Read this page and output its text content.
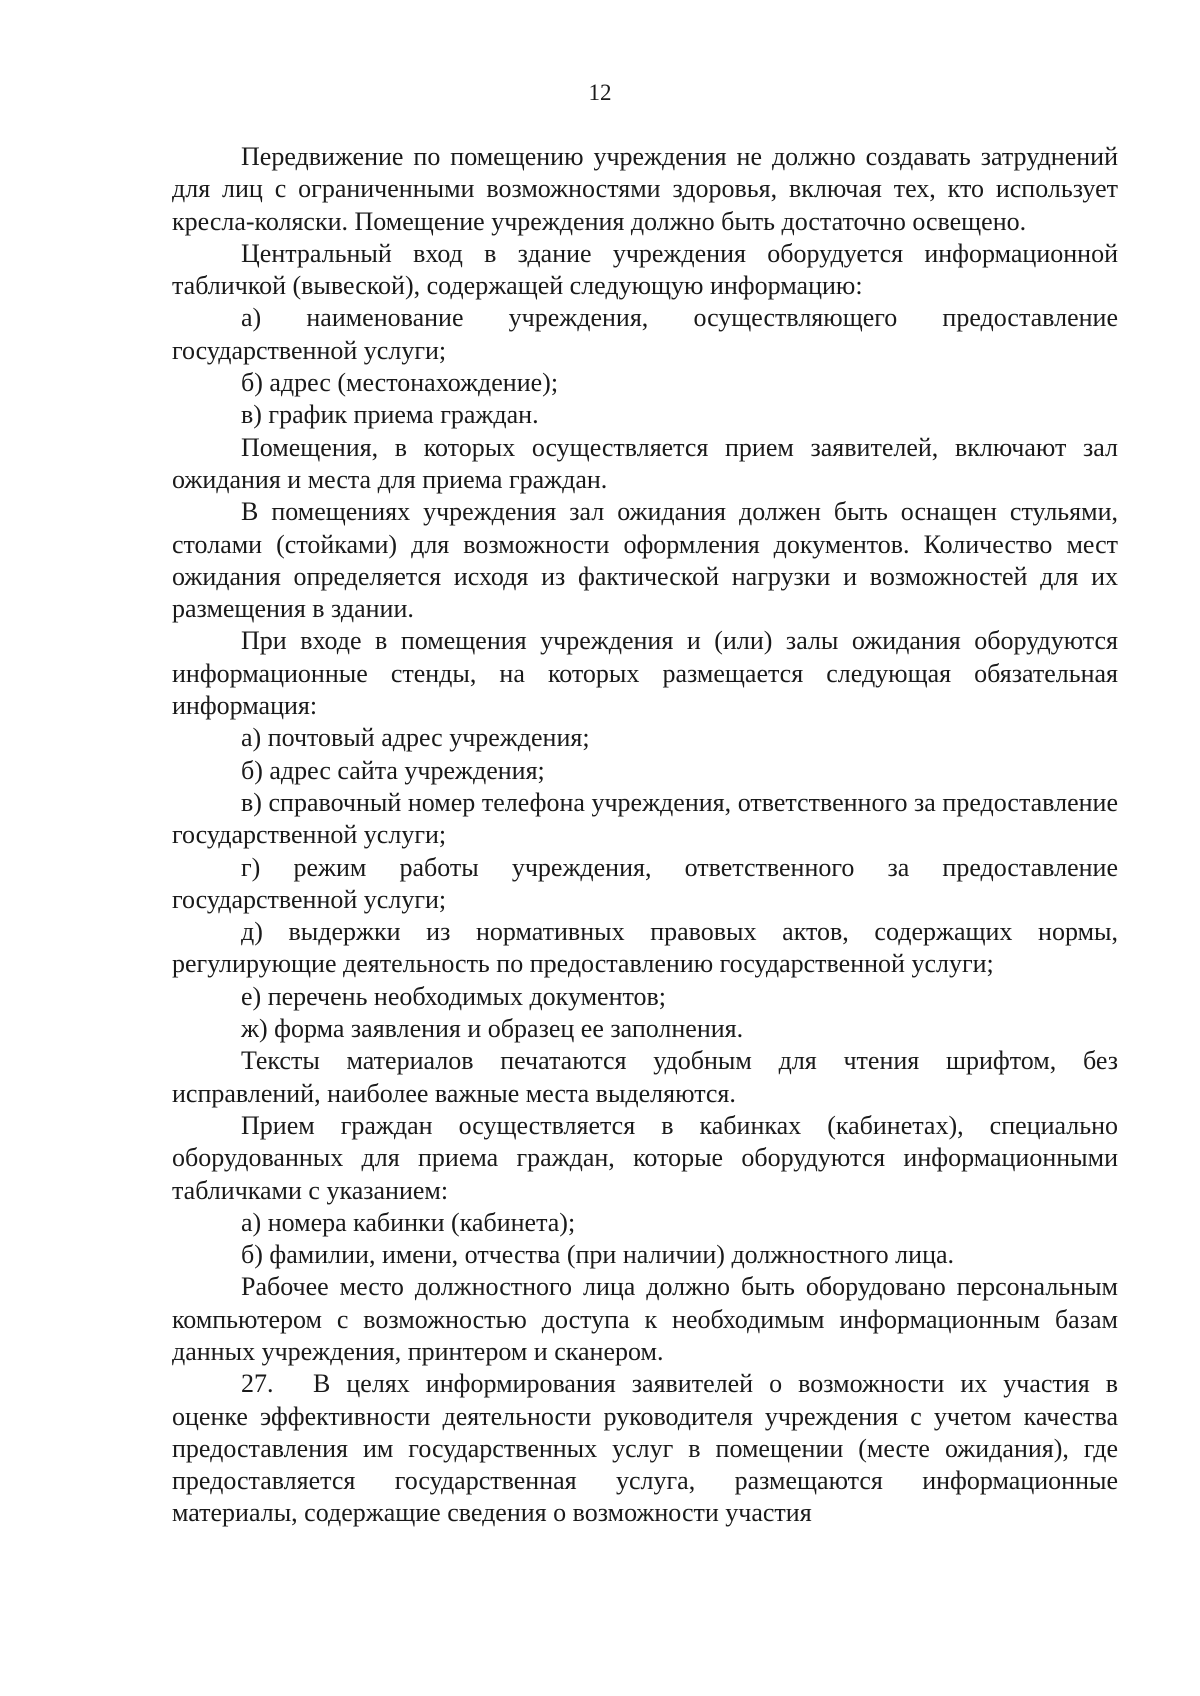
12

Передвижение по помещению учреждения не должно создавать затруднений для лиц с ограниченными возможностями здоровья, включая тех, кто использует кресла-коляски. Помещение учреждения должно быть достаточно освещено.

Центральный вход в здание учреждения оборудуется информационной табличкой (вывеской), содержащей следующую информацию:

а) наименование учреждения, осуществляющего предоставление государственной услуги;

б) адрес (местонахождение);

в) график приема граждан.

Помещения, в которых осуществляется прием заявителей, включают зал ожидания и места для приема граждан.

В помещениях учреждения зал ожидания должен быть оснащен стульями, столами (стойками) для возможности оформления документов. Количество мест ожидания определяется исходя из фактической нагрузки и возможностей для их размещения в здании.

При входе в помещения учреждения и (или) залы ожидания оборудуются информационные стенды, на которых размещается следующая обязательная информация:

а) почтовый адрес учреждения;

б) адрес сайта учреждения;

в) справочный номер телефона учреждения, ответственного за предоставление государственной услуги;

г) режим работы учреждения, ответственного за предоставление государственной услуги;

д) выдержки из нормативных правовых актов, содержащих нормы, регулирующие деятельность по предоставлению государственной услуги;

е) перечень необходимых документов;

ж) форма заявления и образец ее заполнения.

Тексты материалов печатаются удобным для чтения шрифтом, без исправлений, наиболее важные места выделяются.

Прием граждан осуществляется в кабинках (кабинетах), специально оборудованных для приема граждан, которые оборудуются информационными табличками с указанием:

а) номера кабинки (кабинета);

б) фамилии, имени, отчества (при наличии) должностного лица.

Рабочее место должностного лица должно быть оборудовано персональным компьютером с возможностью доступа к необходимым информационным базам данных учреждения, принтером и сканером.

27. В целях информирования заявителей о возможности их участия в оценке эффективности деятельности руководителя учреждения с учетом качества предоставления им государственных услуг в помещении (месте ожидания), где предоставляется государственная услуга, размещаются информационные материалы, содержащие сведения о возможности участия
